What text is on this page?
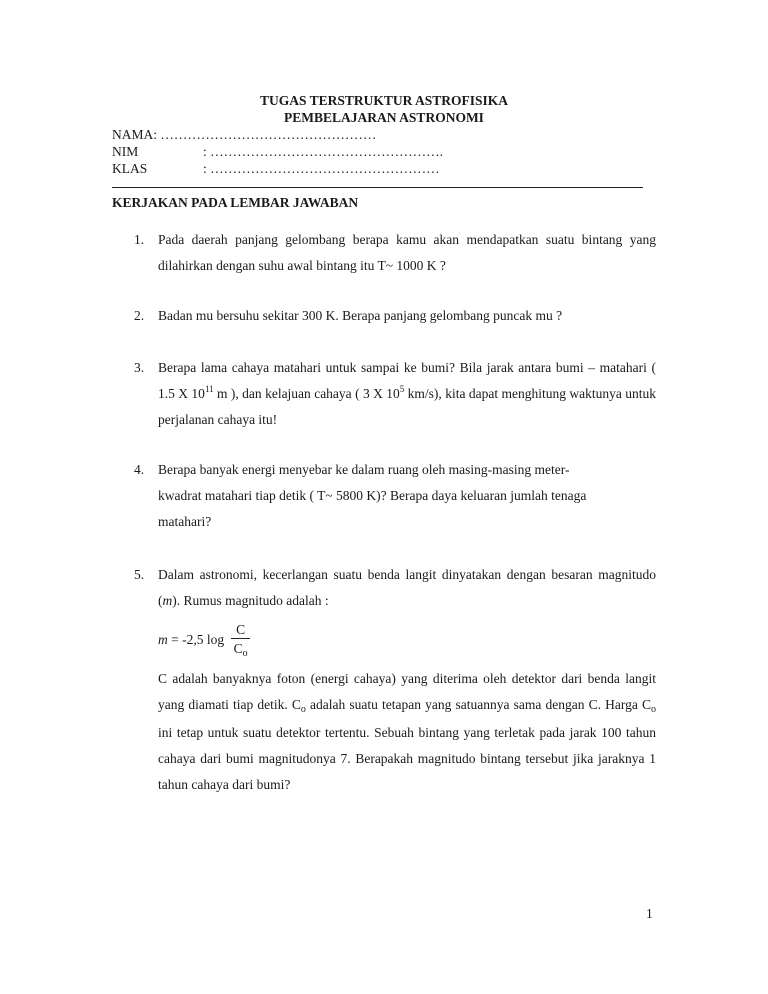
TUGAS TERSTRUKTUR ASTROFISIKA
PEMBELAJARAN ASTRONOMI
NAMA: …………………………………………
NIM	: …………………………………………….
KLAS	: ……………………………………………
KERJAKAN PADA LEMBAR JAWABAN
1. Pada daerah panjang gelombang berapa kamu akan mendapatkan suatu bintang yang dilahirkan dengan suhu awal bintang itu T~ 1000 K ?
2. Badan mu bersuhu sekitar 300 K. Berapa panjang gelombang puncak mu ?
3. Berapa lama cahaya matahari untuk sampai ke bumi? Bila jarak antara bumi – matahari ( 1.5 X $10^{11}$ m ), dan kelajuan cahaya ( 3 X $10^5$ km/s), kita dapat menghitung waktunya untuk perjalanan cahaya itu!
4. Berapa banyak energi menyebar ke dalam ruang oleh masing-masing meter-
kwadrat matahari tiap detik ( T~ 5800 K)? Berapa daya keluaran jumlah tenaga
matahari?
5. Dalam astronomi, kecerlangan suatu benda langit dinyatakan dengan besaran magnitudo (m). Rumus magnitudo adalah :
m = -2,5 $\log \frac{C}{C_o}$
C adalah banyaknya foton (energi cahaya) yang diterima oleh detektor dari benda langit yang diamati tiap detik. $C_o$ adalah suatu tetapan yang satuannya sama dengan C. Harga $C_o$ ini tetap untuk suatu detektor tertentu. Sebuah bintang yang terletak pada jarak 100 tahun cahaya dari bumi magnitudonya 7. Berapakah magnitudo bintang tersebut jika jaraknya 1 tahun cahaya dari bumi?
1
